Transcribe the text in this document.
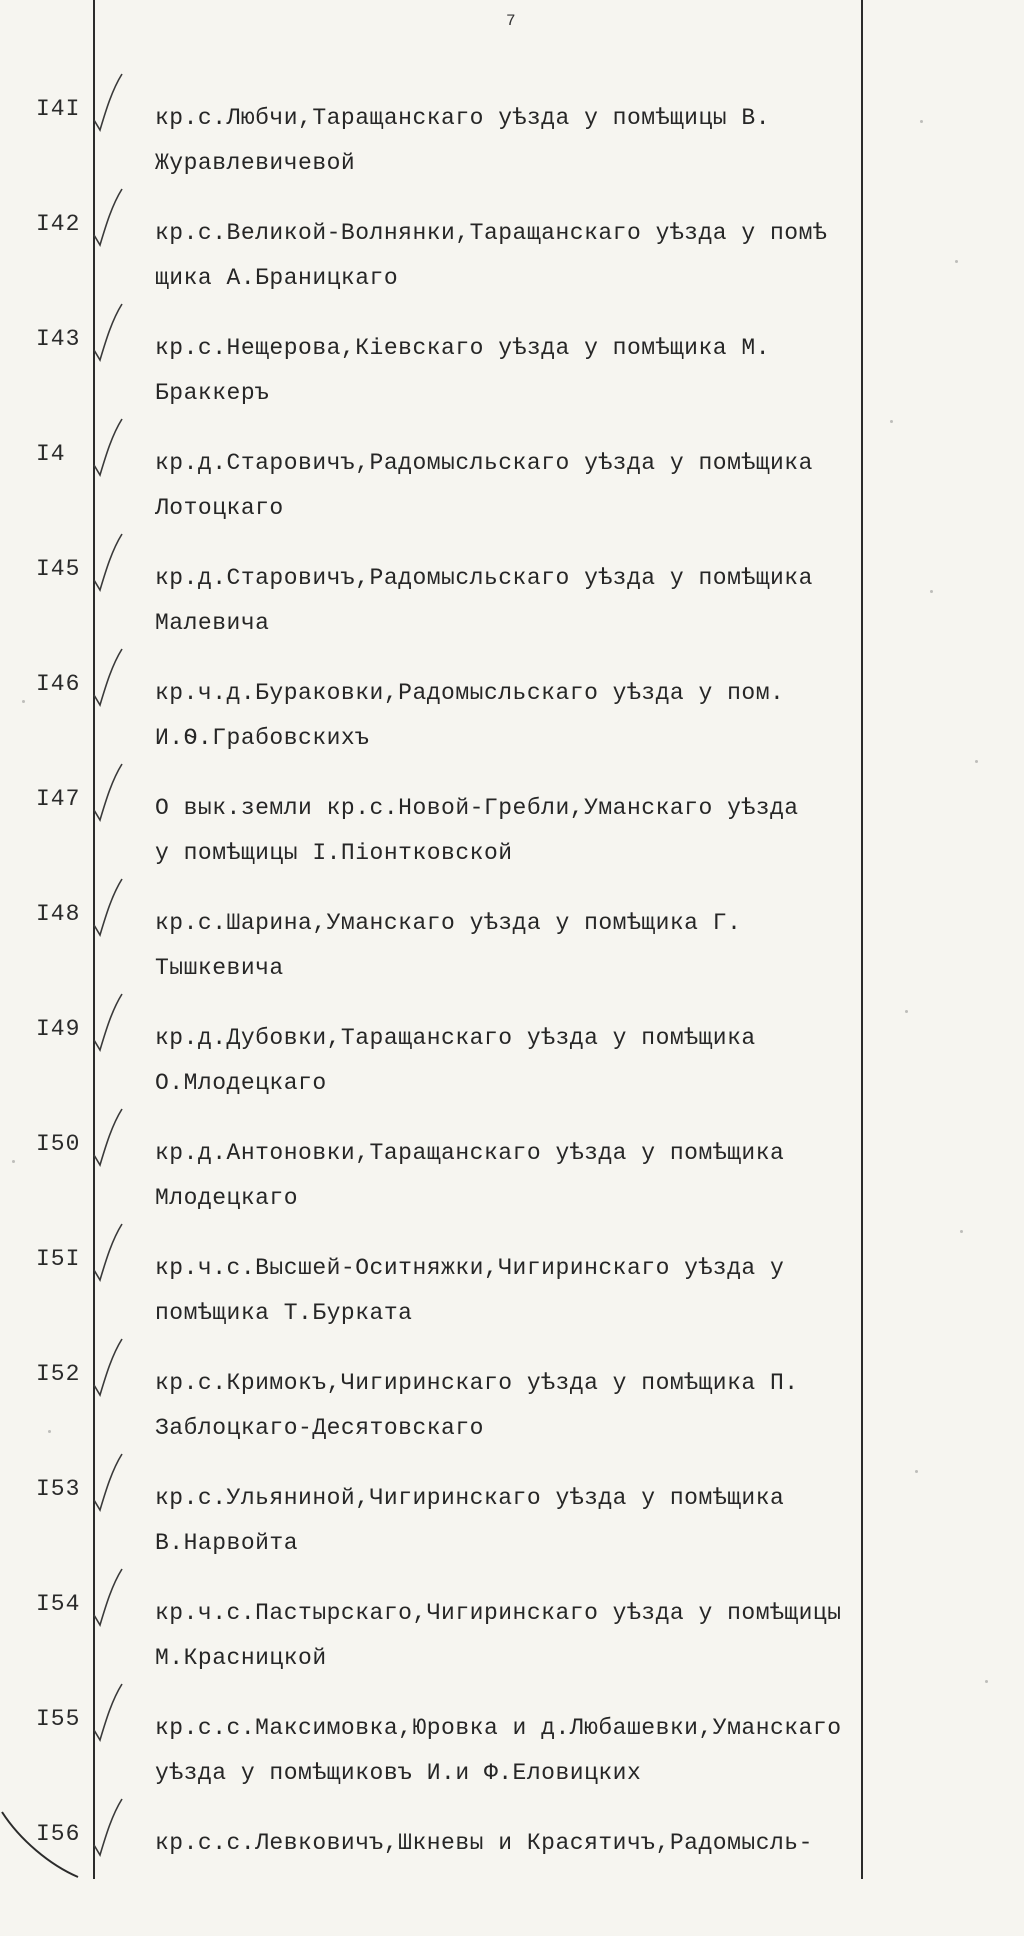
7
I4I	кр.с.Любчи,Таращанскаго уѣзда у помѣщицы В.
Журавлевичевой
I42	кр.с.Великой-Волнянки,Таращанскаго уѣзда у помѣ
щика А.Браницкаго
I43	кр.с.Нещерова,Кіевскаго уѣзда у помѣщика М.
Браккеръ
I4	кр.д.Старовичъ,Радомысльскаго уѣзда у помѣщика
Лотоцкаго
I45	кр.д.Старовичъ,Радомысльскаго уѣзда у помѣщика
Малевича
I46	кр.ч.д.Бураковки,Радомысльскаго уѣзда у пом.
И.Ѳ.Грабовскихъ
I47	О вык.земли кр.с.Новой-Гребли,Уманскаго уѣзда
у помѣщицы I.Піонтковской
I48	кр.с.Шарина,Уманскаго уѣзда у помѣщика Г.
Тышкевича
I49	кр.д.Дубовки,Таращанскаго уѣзда у помѣщика
О.Млодецкаго
I50	кр.д.Антоновки,Таращанскаго уѣзда у помѣщика
Млодецкаго
I5I	кр.ч.с.Высшей-Оситняжки,Чигиринскаго уѣзда у
помѣщика Т.Бурката
I52	кр.с.Кримокъ,Чигиринскаго уѣзда у помѣщика П.
Заблоцкаго-Десятовскаго
I53	кр.с.Ульяниной,Чигиринскаго уѣзда у помѣщика
В.Нарвойта
I54	кр.ч.с.Пастырскаго,Чигиринскаго уѣзда у помѣщицы
М.Красницкой
I55	кр.с.с.Максимовка,Юровка и д.Любашевки,Уманскаго
уѣзда у помѣщиковъ И.и Ф.Еловицких
I56	кр.с.с.Левковичъ,Шкневы и Красятичъ,Радомысль-
